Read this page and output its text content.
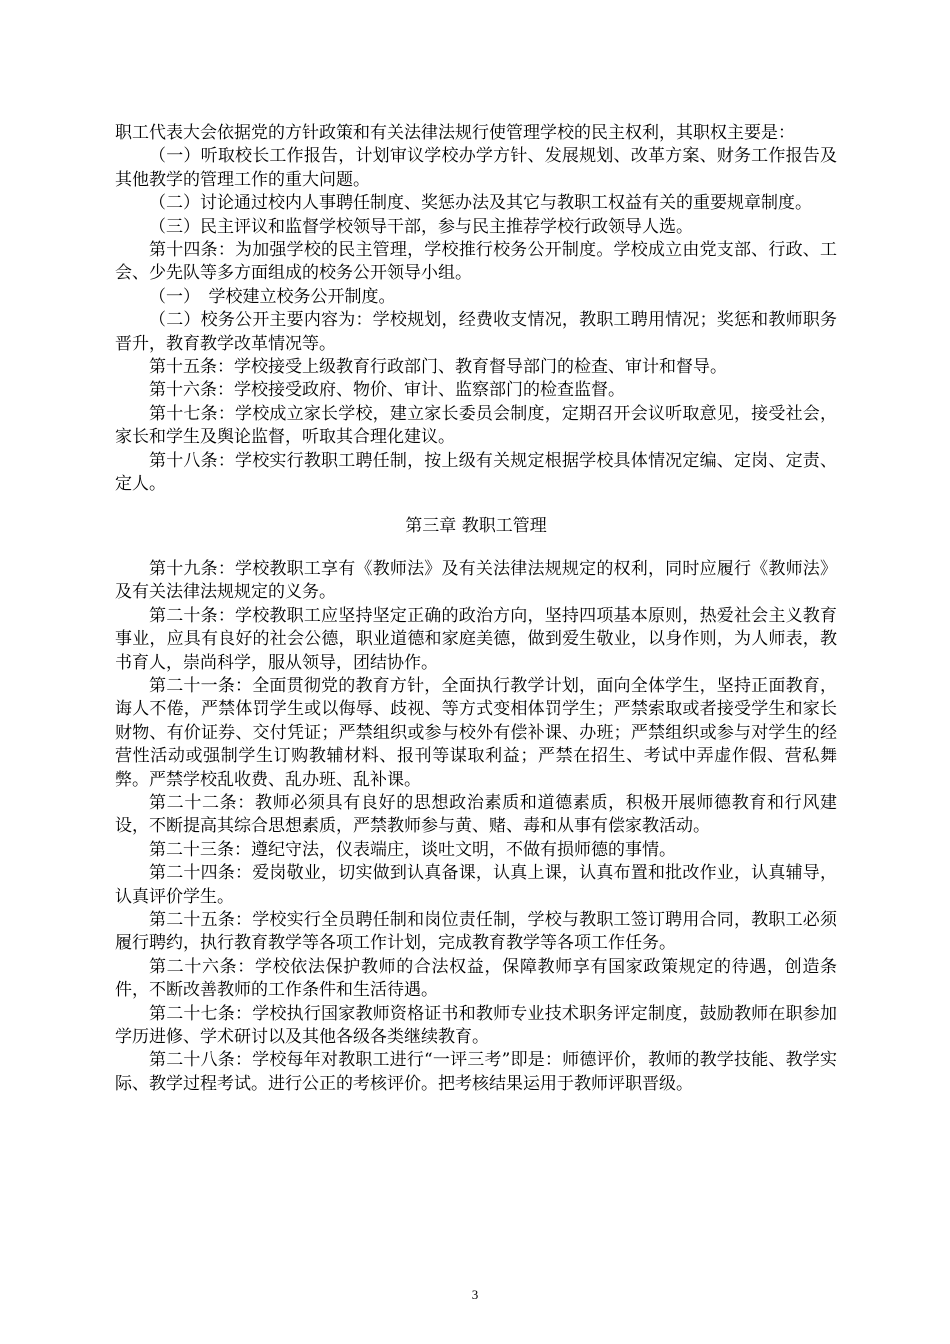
职工代表大会依据党的方针政策和有关法律法规行使管理学校的民主权利，其职权主要是：

（一）听取校长工作报告，计划审议学校办学方针、发展规划、改革方案、财务工作报告及其他教学的管理工作的重大问题。

（二）讨论通过校内人事聘任制度、奖惩办法及其它与教职工权益有关的重要规章制度。

（三）民主评议和监督学校领导干部，参与民主推荐学校行政领导人选。

第十四条：为加强学校的民主管理，学校推行校务公开制度。学校成立由党支部、行政、工会、少先队等多方面组成的校务公开领导小组。

（一）　学校建立校务公开制度。

（二）校务公开主要内容为：学校规划，经费收支情况，教职工聘用情况；奖惩和教师职务晋升，教育教学改革情况等。

第十五条：学校接受上级教育行政部门、教育督导部门的检查、审计和督导。

第十六条：学校接受政府、物价、审计、监察部门的检查监督。

第十七条：学校成立家长学校，建立家长委员会制度，定期召开会议听取意见，接受社会，家长和学生及舆论监督，听取其合理化建议。

第十八条：学校实行教职工聘任制，按上级有关规定根据学校具体情况定编、定岗、定责、定人。

第三章 教职工管理

第十九条：学校教职工享有《教师法》及有关法律法规规定的权利，同时应履行《教师法》及有关法律法规规定的义务。

第二十条：学校教职工应坚持坚定正确的政治方向，坚持四项基本原则，热爱社会主义教育事业，应具有良好的社会公德，职业道德和家庭美德，做到爱生敬业，以身作则，为人师表，教书育人，崇尚科学，服从领导，团结协作。

第二十一条：全面贯彻党的教育方针，全面执行教学计划，面向全体学生，坚持正面教育，诲人不倦，严禁体罚学生或以侮辱、歧视、等方式变相体罚学生；严禁索取或者接受学生和家长财物、有价证券、交付凭证；严禁组织或参与校外有偿补课、办班；严禁组织或参与对学生的经营性活动或强制学生订购教辅材料、报刊等谋取利益；严禁在招生、考试中弄虚作假、营私舞弊。严禁学校乱收费、乱办班、乱补课。

第二十二条：教师必须具有良好的思想政治素质和道德素质，积极开展师德教育和行风建设，不断提高其综合思想素质，严禁教师参与黄、赌、毒和从事有偿家教活动。

第二十三条：遵纪守法，仪表端庄，谈吐文明，不做有损师德的事情。

第二十四条：爱岗敬业，切实做到认真备课，认真上课，认真布置和批改作业，认真辅导，认真评价学生。

第二十五条：学校实行全员聘任制和岗位责任制，学校与教职工签订聘用合同，教职工必须履行聘约，执行教育教学等各项工作计划，完成教育教学等各项工作任务。

第二十六条：学校依法保护教师的合法权益，保障教师享有国家政策规定的待遇，创造条件，不断改善教师的工作条件和生活待遇。

第二十七条：学校执行国家教师资格证书和教师专业技术职务评定制度，鼓励教师在职参加学历进修、学术研讨以及其他各级各类继续教育。

第二十八条：学校每年对教职工进行“一评三考”即是：师德评价，教师的教学技能、教学实际、教学过程考试。进行公正的考核评价。把考核结果运用于教师评职晋级。

3
